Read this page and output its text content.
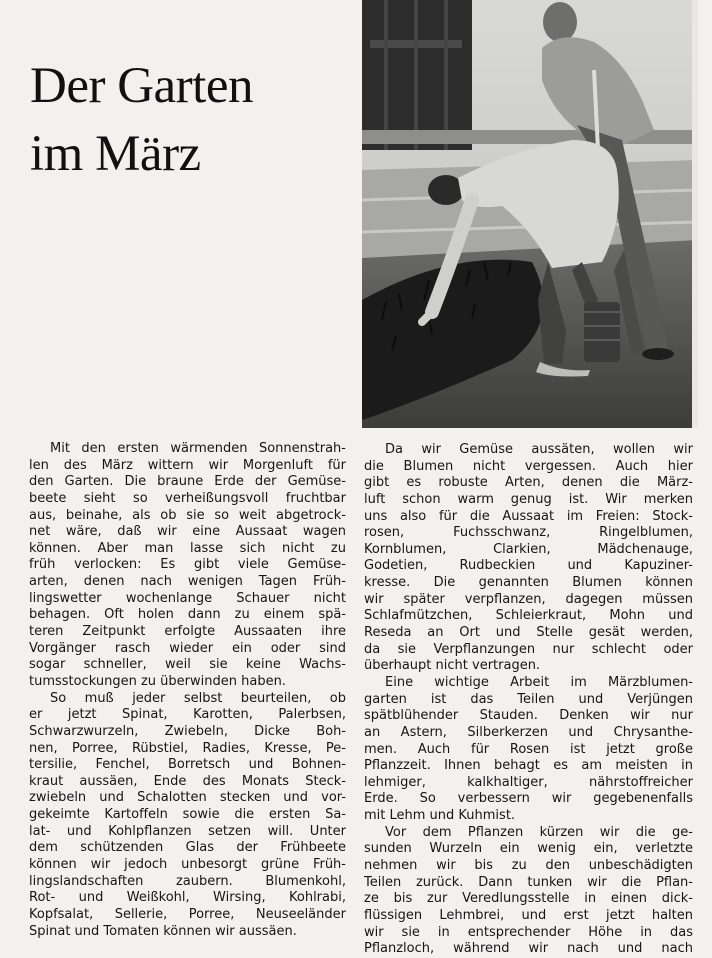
Der Garten
im März

Mit den ersten wärmenden Sonnenstrah-
len des März wittern wir Morgenluft für
den Garten. Die braune Erde der Gemüse-
beete sieht so verheißungsvoll fruchtbar
aus, beinahe, als ob sie so weit abgetrock-
net wäre, daß wir eine Aussaat wagen
können. Aber man lasse sich nicht zu
früh verlocken: Es gibt viele Gemüse-
arten, denen nach wenigen Tagen Früh-
lingswetter wochenlange Schauer nicht
behagen. Oft holen dann zu einem spä-
teren Zeitpunkt erfolgte Aussaaten ihre
Vorgänger rasch wieder ein oder sind
sogar schneller, weil sie keine Wachs-
tumsstockungen zu überwinden haben.

So muß jeder selbst beurteilen, ob
er jetzt Spinat, Karotten, Palerbsen,
Schwarzwurzeln, Zwiebeln, Dicke Boh-
nen, Porree, Rübstiel, Radies, Kresse, Pe-
tersilie, Fenchel, Borretsch und Bohnen-
kraut aussäen, Ende des Monats Steck-
zwiebeln und Schalotten stecken und vor-
gekeimte Kartoffeln sowie die ersten Sa-
lat- und Kohlpflanzen setzen will. Unter
dem schützenden Glas der Frühbeete
können wir jedoch unbesorgt grüne Früh-
lingslandschaften zaubern. Blumenkohl,
Rot- und Weißkohl, Wirsing, Kohlrabi,
Kopfsalat, Sellerie, Porree, Neuseeländer
Spinat und Tomaten können wir aussäen.

Da wir Gemüse aussäten, wollen wir
die Blumen nicht vergessen. Auch hier
gibt es robuste Arten, denen die März-
luft schon warm genug ist. Wir merken
uns also für die Aussaat im Freien: Stock-
rosen, Fuchsschwanz, Ringelblumen,
Kornblumen, Clarkien, Mädchenauge,
Godetien, Rudbeckien und Kapuziner-
kresse. Die genannten Blumen können
wir später verpflanzen, dagegen müssen
Schlafmützchen, Schleierkraut, Mohn und
Reseda an Ort und Stelle gesät werden,
da sie Verpflanzungen nur schlecht oder
überhaupt nicht vertragen.

Eine wichtige Arbeit im Märzblumen-
garten ist das Teilen und Verjüngen
spätblühender Stauden. Denken wir nur
an Astern, Silberkerzen und Chrysanthe-
men. Auch für Rosen ist jetzt große
Pflanzzeit. Ihnen behagt es am meisten in
lehmiger, kalkhaltiger, nährstoffreicher
Erde. So verbessern wir gegebenenfalls
mit Lehm und Kuhmist.

Vor dem Pflanzen kürzen wir die ge-
sunden Wurzeln ein wenig ein, verletzte
nehmen wir bis zu den unbeschädigten
Teilen zurück. Dann tunken wir die Pflan-
ze bis zur Veredlungsstelle in einen dick-
flüssigen Lehmbrei, und erst jetzt halten
wir sie in entsprechender Höhe in das
Pflanzloch, während wir nach und nach
